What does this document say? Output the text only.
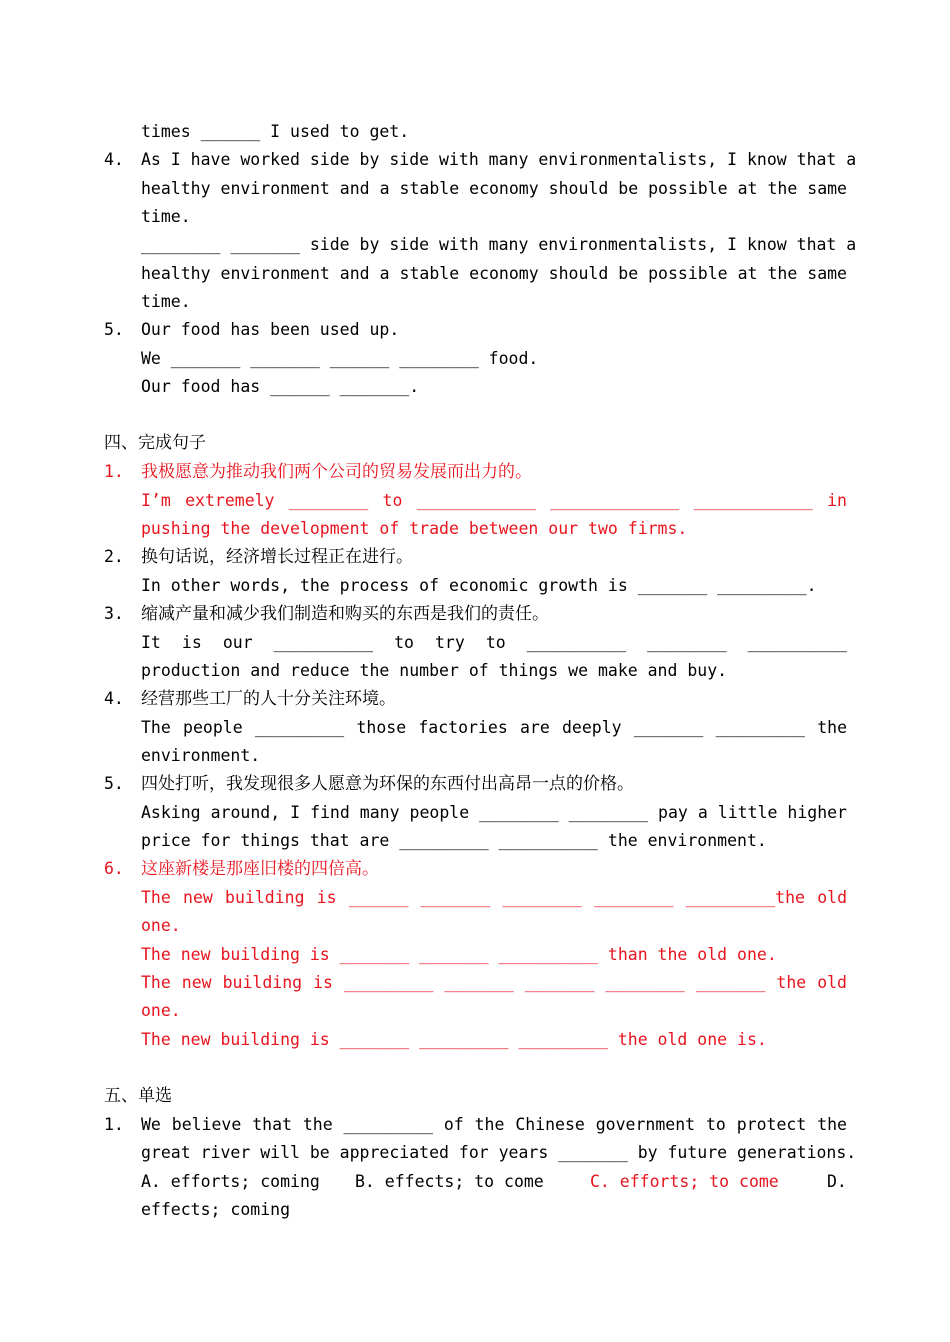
times ______ I used to get.
4. As I have worked side by side with many environmentalists, I know that a
healthy environment and a stable economy should be possible at the same
time.
________ _______ side by side with many environmentalists, I know that a
healthy environment and a stable economy should be possible at the same
time.
5. Our food has been used up.
We _______ _______ ______ ________ food.
Our food has ______ _______.
四、完成句子
1. 我极愿意为推动我们两个公司的贸易发展而出力的。
I’m extremely ________ to ____________ _____________ ____________ in
pushing the development of trade between our two firms.
2. 换句话说，经济增长过程正在进行。
In other words, the process of economic growth is _______ _________.
3. 缩减产量和减少我们制造和购买的东西是我们的责任。
It is our __________ to try to __________ ________ __________
production and reduce the number of things we make and buy.
4. 经营那些工厂的人十分关注环境。
The people _________ those factories are deeply _______ _________ the
environment.
5. 四处打听，我发现很多人愿意为环保的东西付出高昂一点的价格。
Asking around, I find many people ________ ________ pay a little higher
price for things that are _________ __________ the environment.
6. 这座新楼是那座旧楼的四倍高。
The new building is ______ _______ ________ ________ _________the old
one.
The new building is _______ _______ __________ than the old one.
The new building is _________ _______ _______ ________ _______ the old
one.
The new building is _______ _________ _________ the old one is.
五、单选
1. We believe that the _________ of the Chinese government to protect the
great river will be appreciated for years _______ by future generations.
A. efforts; coming B. effects; to come	C. efforts; to come	D.
effects; coming
